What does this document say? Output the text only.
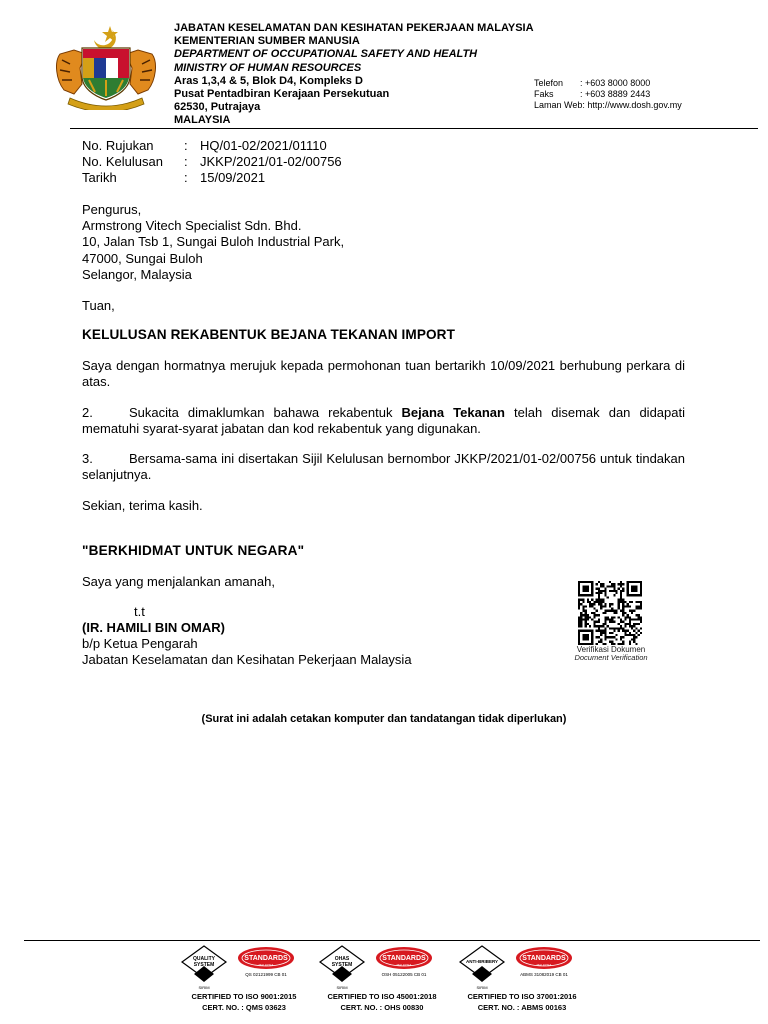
JABATAN KESELAMATAN DAN KESIHATAN PEKERJAAN MALAYSIA
KEMENTERIAN SUMBER MANUSIA
DEPARTMENT OF OCCUPATIONAL SAFETY AND HEALTH
MINISTRY OF HUMAN RESOURCES
Aras 1,3,4 & 5, Blok D4, Kompleks D
Pusat Pentadbiran Kerajaan Persekutuan
62530, Putrajaya
MALAYSIA
Telefon : +603 8000 8000
Faks	: +603 8889 2443
Laman Web: http://www.dosh.gov.my
No. Rujukan : HQ/01-02/2021/01110
No. Kelulusan : JKKP/2021/01-02/00756
Tarikh	: 15/09/2021
Pengurus,
Armstrong Vitech Specialist Sdn. Bhd.
10, Jalan Tsb 1, Sungai Buloh Industrial Park,
47000, Sungai Buloh
Selangor, Malaysia
Tuan,
KELULUSAN REKABENTUK BEJANA TEKANAN IMPORT
Saya dengan hormatnya merujuk kepada permohonan tuan bertarikh 10/09/2021 berhubung perkara di atas.
2.	Sukacita dimaklumkan bahawa rekabentuk Bejana Tekanan telah disemak dan didapati mematuhi syarat-syarat jabatan dan kod rekabentuk yang digunakan.
3.	Bersama-sama ini disertakan Sijil Kelulusan bernombor JKKP/2021/01-02/00756 untuk tindakan selanjutnya.
Sekian, terima kasih.
"BERKHIDMAT UNTUK NEGARA"
Saya yang menjalankan amanah,
t.t
(IR. HAMILI BIN OMAR)
b/p Ketua Pengarah
Jabatan Keselamatan dan Kesihatan Pekerjaan Malaysia
Verifikasi Dokumen
Document Verification
(Surat ini adalah cetakan komputer dan tandatangan tidak diperlukan)
QUALITY
SYSTEM
SIRIM
STANDARDS
MALAYSIA
QS 02121999 CB 01
CERTIFIED TO ISO 9001:2015
CERT. NO. : QMS 03623
OHAS
SYSTEM
SIRIM
STANDARDS
MALAYSIA
OSH 05122005 CB 01
CERTIFIED TO ISO 45001:2018
CERT. NO. : OHS 00830
ANTI-BRIBERY
SIRIM
STANDARDS
MALAYSIA
ABMS 31082019 CB 01
CERTIFIED TO ISO 37001:2016
CERT. NO. : ABMS 00163
